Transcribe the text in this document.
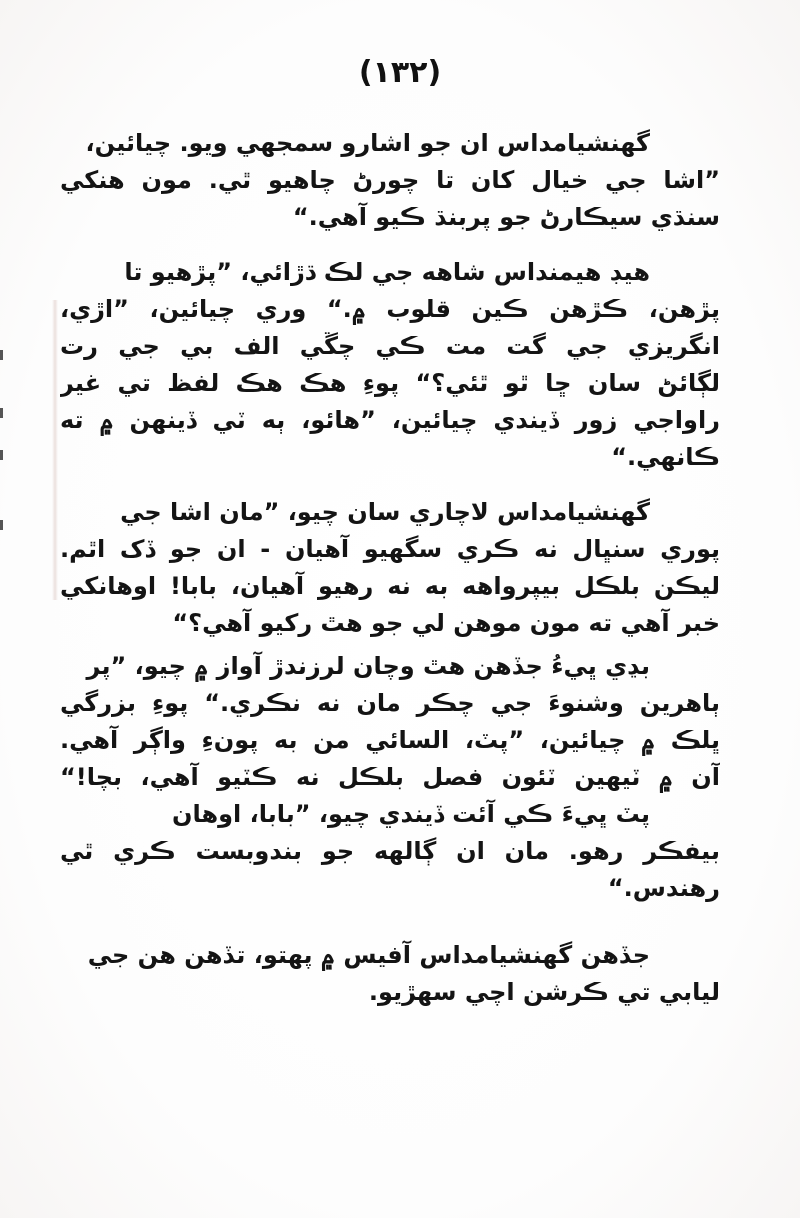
(١٣٢)
گهنشيامداس ان جو اشارو سمجهي ويو. چيائين،
”اشا جي خيال کان تا چورڻ چاهيو ٿي. مون هنکي
سنڌي سيڪارڻ جو پربنڌ ڪيو آهي.“
هيڊ هيمنداس شاهه جي لڪ ڌڙائي، ”پڙهيو تا
پڙهن، ڪڙهن ڪين قلوب ۾.“ وري چيائين، ”اڙي،
انگريزي جي گت مت ڪي چڱي الف بي جي رت
لڳائڻ سان ڇا ٿو ٿئي؟“ پوءِ هڪ هڪ لفظ تي غير
راواجي زور ڏيندي چيائين، ”هائو، ٻه ٽي ڏينهن ۾ ته
ڪانهي.“
گهنشيامداس لاچاري سان چيو، ”مان اشا جي
پوري سنڀال نه ڪري سگهيو آهيان - ان جو ڏک اٿم.
ليڪن بلڪل بيپرواهه به نه رهيو آهيان، بابا! اوهانکي
خبر آهي ته مون موهن لي جو هٿ رکيو آهي؟“
بڍي ڀيءُ جڏهن هٿ وچان لرزندڙ آواز ۾ چيو، ”پر
ٻاهرين وشنوءَ جي چڪر مان نه نڪري.“ پوءِ بزرگي
ڀلڪ ۾ چيائين، ”پٽ، السائي من به پونءِ واڳر آهي.
آن ۾ ٽيهين ٽئون فصل بلڪل نه ڪٽيو آهي، بچا!“
پٽ ڀيءَ ڪي آئت ڏيندي چيو، ”بابا، اوهان
بيفڪر رهو. مان ان ڳالهه جو بندوبست ڪري ٿي
رهندس.“
جڏهن گهنشيامداس آفيس ۾ پهتو، تڏهن هن جي
ليابي تي ڪرشن اچي سهڙيو.
